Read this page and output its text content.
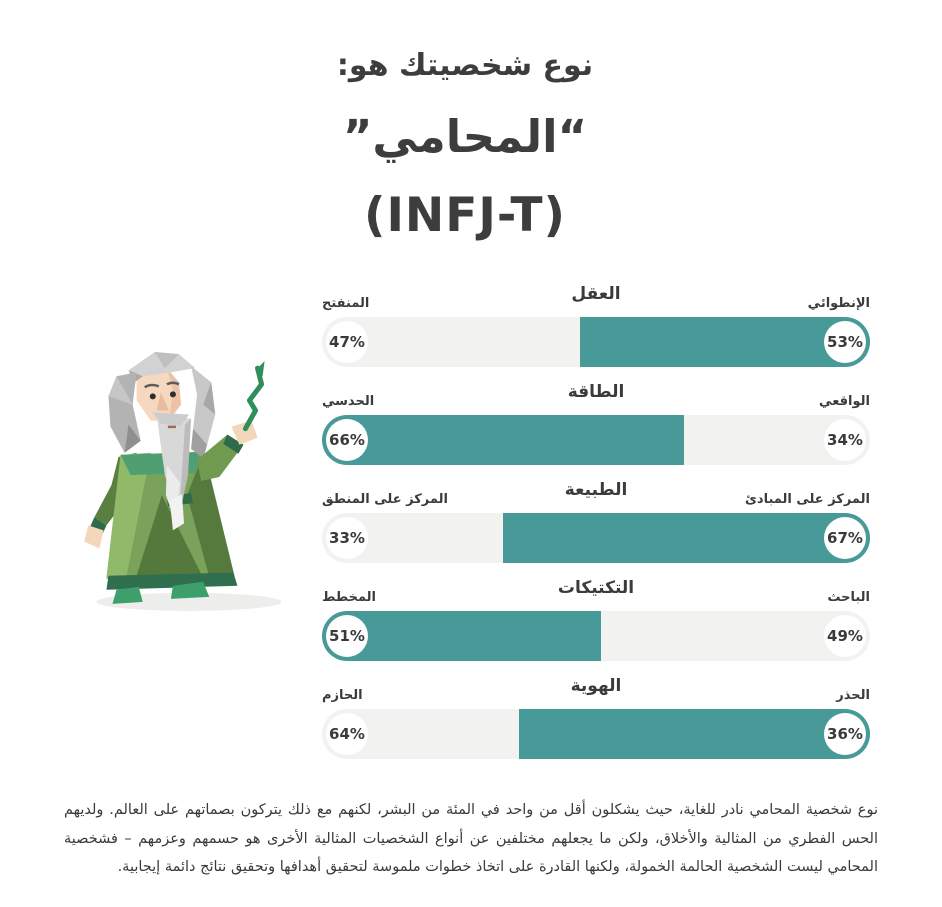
نوع شخصيتك هو:
“المحامي”
(INFJ-T)
العقل	الإنطوائي
المنفتح
47%	53%
الطاقة	الواقعي
الحدسي
66%	34%
الطبيعة	المركز على المبادئ
المركز على المنطق
33%	67%
التكتيكات	الباحث
المخطط
51%	49%
الهوية	الحذر
الحازم
64%	36%

نوع شخصية المحامي نادر للغاية، حيث يشكلون أقل من واحد في المئة من البشر، لكنهم مع ذلك يتركون بصماتهم على العالم. ولديهم الحس الفطري من المثالية والأخلاق، ولكن ما يجعلهم مختلفين عن أنواع الشخصيات المثالية الأخرى هو حسمهم وعزمهم – فشخصية المحامي ليست الشخصية الحالمة الخمولة، ولكنها القادرة على اتخاذ خطوات ملموسة لتحقيق أهدافها وتحقيق نتائج دائمة إيجابية.
